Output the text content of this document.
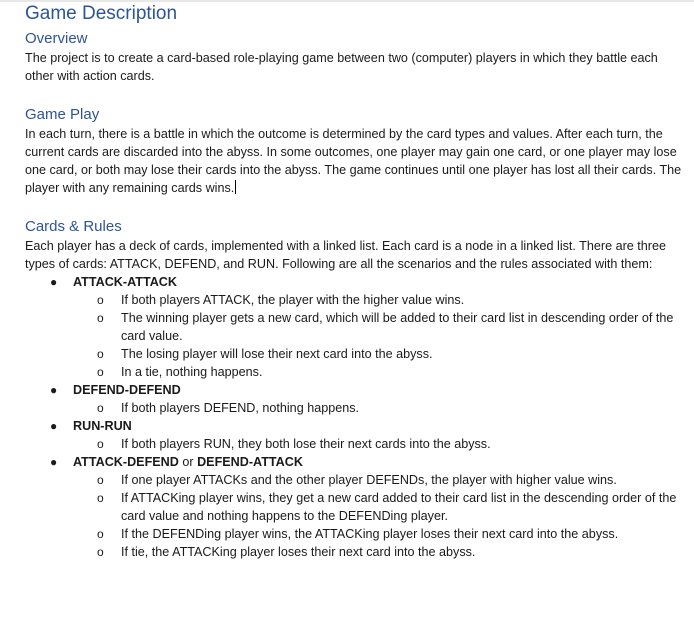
Game Description
Overview

The project is to create a card-based role-playing game between two (computer) players in which they battle each other with action cards.

Game Play

In each turn, there is a battle in which the outcome is determined by the card types and values. After each turn, the current cards are discarded into the abyss. In some outcomes, one player may gain one card, or one player may lose one card, or both may lose their cards into the abyss. The game continues until one player has lost all their cards. The player with any remaining cards wins.

Cards & Rules

Each player has a deck of cards, implemented with a linked list. Each card is a node in a linked list. There are three types of cards: ATTACK, DEFEND, and RUN. Following are all the scenarios and the rules associated with them:

● ATTACK-ATTACK
o If both players ATTACK, the player with the higher value wins.
o The winning player gets a new card, which will be added to their card list in descending order of the card value.
o The losing player will lose their next card into the abyss.
o In a tie, nothing happens.
● DEFEND-DEFEND
o If both players DEFEND, nothing happens.
● RUN-RUN
o If both players RUN, they both lose their next cards into the abyss.
● ATTACK-DEFEND or DEFEND-ATTACK
o If one player ATTACKs and the other player DEFENDs, the player with higher value wins.
o If ATTACKing player wins, they get a new card added to their card list in the descending order of the card value and nothing happens to the DEFENDing player.
o If the DEFENDing player wins, the ATTACKing player loses their next card into the abyss.
o If tie, the ATTACKing player loses their next card into the abyss.
